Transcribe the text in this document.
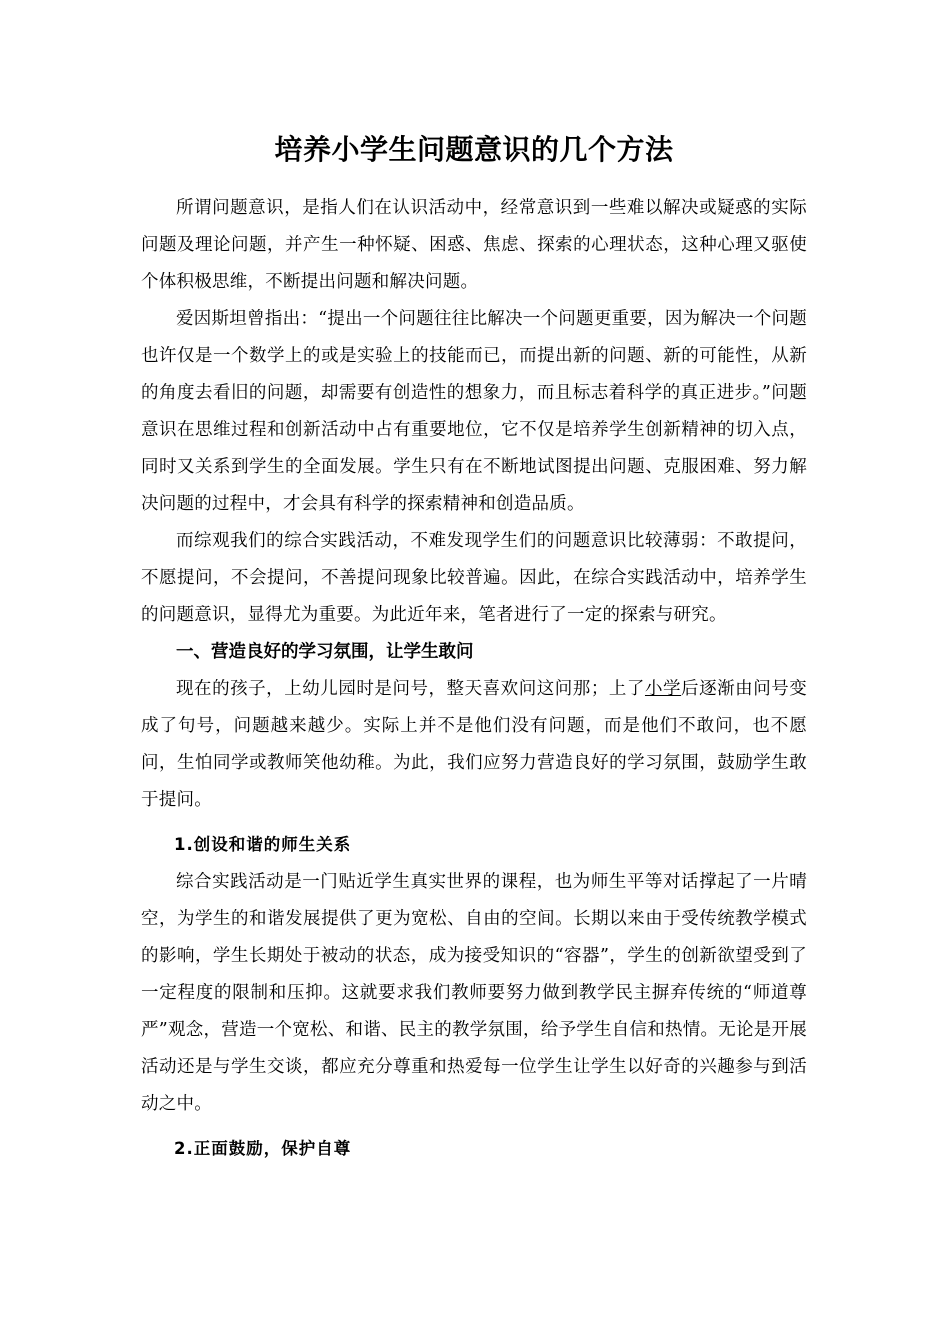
培养小学生问题意识的几个方法

所谓问题意识，是指人们在认识活动中，经常意识到一些难以解决或疑惑的实际问题及理论问题，并产生一种怀疑、困惑、焦虑、探索的心理状态，这种心理又驱使个体积极思维，不断提出问题和解决问题。

爱因斯坦曾指出：“提出一个问题往往比解决一个问题更重要，因为解决一个问题也许仅是一个数学上的或是实验上的技能而已，而提出新的问题、新的可能性，从新的角度去看旧的问题，却需要有创造性的想象力，而且标志着科学的真正进步。”问题意识在思维过程和创新活动中占有重要地位，它不仅是培养学生创新精神的切入点，同时又关系到学生的全面发展。学生只有在不断地试图提出问题、克服困难、努力解决问题的过程中，才会具有科学的探索精神和创造品质。

而综观我们的综合实践活动，不难发现学生们的问题意识比较薄弱：不敢提问，不愿提问，不会提问，不善提问现象比较普遍。因此，在综合实践活动中，培养学生的问题意识，显得尤为重要。为此近年来，笔者进行了一定的探索与研究。

一、营造良好的学习氛围，让学生敢问

现在的孩子，上幼儿园时是问号，整天喜欢问这问那；上了小学后逐渐由问号变成了句号，问题越来越少。实际上并不是他们没有问题，而是他们不敢问，也不愿问，生怕同学或教师笑他幼稚。为此，我们应努力营造良好的学习氛围，鼓励学生敢于提问。

1.创设和谐的师生关系

综合实践活动是一门贴近学生真实世界的课程，也为师生平等对话撑起了一片晴空，为学生的和谐发展提供了更为宽松、自由的空间。长期以来由于受传统教学模式的影响，学生长期处于被动的状态，成为接受知识的“容器”，学生的创新欲望受到了一定程度的限制和压抑。这就要求我们教师要努力做到教学民主摒弃传统的“师道尊严”观念，营造一个宽松、和谐、民主的教学氛围，给予学生自信和热情。无论是开展活动还是与学生交谈，都应充分尊重和热爱每一位学生让学生以好奇的兴趣参与到活动之中。

2.正面鼓励，保护自尊
